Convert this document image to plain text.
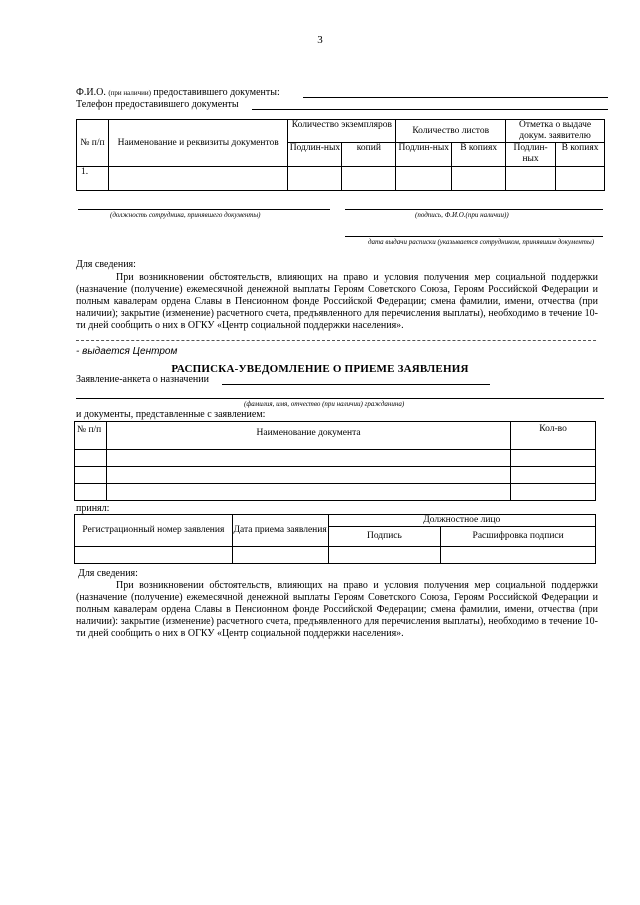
3
Ф.И.О. (при наличии) предоставившего документы:
Телефон предоставившего документы
№ п/п	Наименование и реквизиты документов	Количество экземпляров		Количество листов		Отметка о выдаче докум. заявителю	
		Подлин-ных	копий	Подлин-ных	В копиях	Подлин-ных	В копиях
1.							
(должность сотрудника, принявшего документы)	(подпись, Ф.И.О.(при наличии))
дата выдачи расписки (указывается сотрудником, принявшим документы)
Для сведения:
При возникновении обстоятельств, влияющих на право и условия получения мер социальной поддержки (назначение (получение) ежемесячной денежной выплаты Героям Советского Союза, Героям Российской Федерации и полным кавалерам ордена Славы в Пенсионном фонде Российской Федерации; смена фамилии, имени, отчества (при наличии); закрытие (изменение) расчетного счета, предъявленного для перечисления выплаты), необходимо в течение 10-ти дней сообщить о них в ОГКУ «Центр социальной поддержки населения».
- выдается Центром
РАСПИСКА-УВЕДОМЛЕНИЕ О ПРИЕМЕ ЗАЯВЛЕНИЯ
Заявление-анкета о назначении
(фамилия, имя, отчество (при наличии) гражданина)
и документы, представленные с заявлением:
№ п/п	Наименование документа	Кол-во

принял:
Регистрационный номер заявления	Дата приема заявления	Должностное лицо	
		Подпись	Расшифровка подписи

Для сведения:
При возникновении обстоятельств, влияющих на право и условия получения мер социальной поддержки (назначение (получение) ежемесячной денежной выплаты Героям Советского Союза, Героям Российской Федерации и полным кавалерам ордена Славы в Пенсионном фонде Российской Федерации; смена фамилии, имени, отчества (при наличии): закрытие (изменение) расчетного счета, предъявленного для перечисления выплаты), необходимо в течение 10-ти дней сообщить о них в ОГКУ «Центр социальной поддержки населения».
